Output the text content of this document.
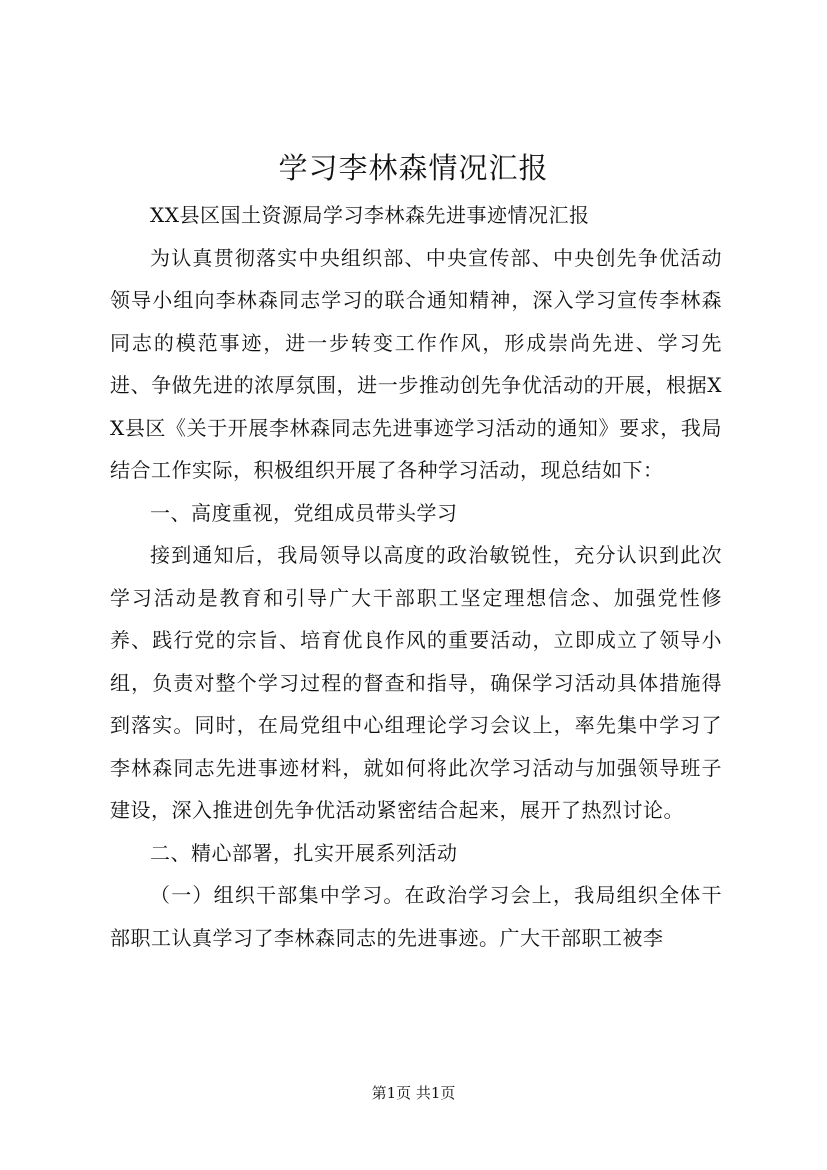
学习李林森情况汇报

XX县区国土资源局学习李林森先进事迹情况汇报

为认真贯彻落实中央组织部、中央宣传部、中央创先争优活动领导小组向李林森同志学习的联合通知精神，深入学习宣传李林森同志的模范事迹，进一步转变工作作风，形成崇尚先进、学习先进、争做先进的浓厚氛围，进一步推动创先争优活动的开展，根据XX县区《关于开展李林森同志先进事迹学习活动的通知》要求，我局结合工作实际，积极组织开展了各种学习活动，现总结如下：

一、高度重视，党组成员带头学习

接到通知后，我局领导以高度的政治敏锐性，充分认识到此次学习活动是教育和引导广大干部职工坚定理想信念、加强党性修养、践行党的宗旨、培育优良作风的重要活动，立即成立了领导小组，负责对整个学习过程的督查和指导，确保学习活动具体措施得到落实。同时，在局党组中心组理论学习会议上，率先集中学习了李林森同志先进事迹材料，就如何将此次学习活动与加强领导班子建设，深入推进创先争优活动紧密结合起来，展开了热烈讨论。

二、精心部署，扎实开展系列活动

（一）组织干部集中学习。在政治学习会上，我局组织全体干部职工认真学习了李林森同志的先进事迹。广大干部职工被李

第1页 共1页
